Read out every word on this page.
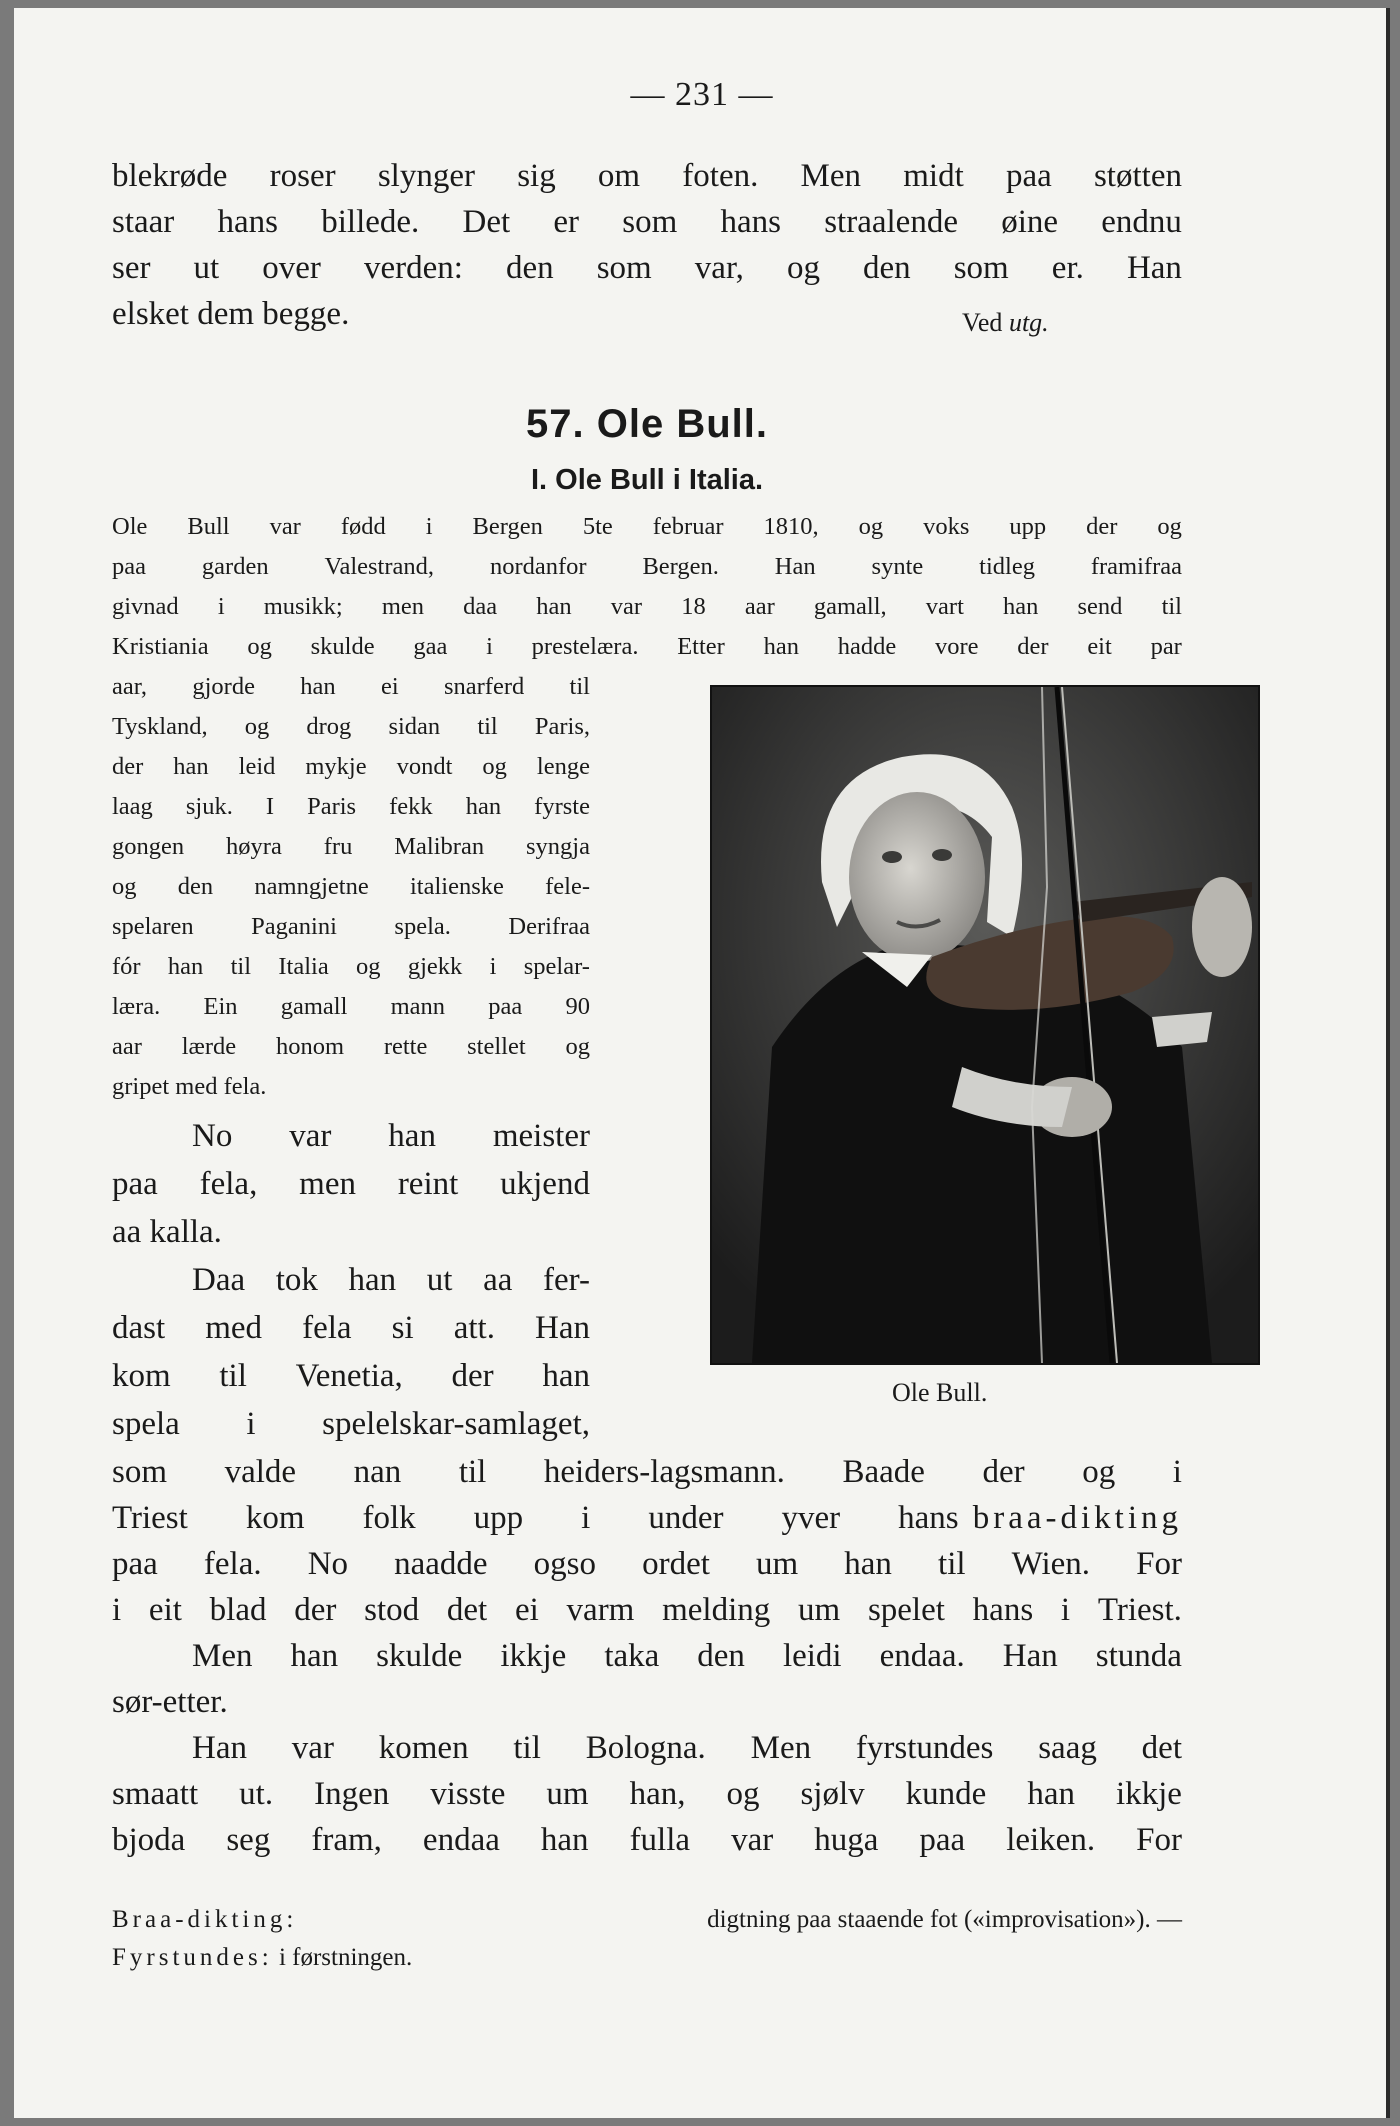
— 231 —
blekrøde roser slynger sig om foten. Men midt paa støtten
staar hans billede. Det er som hans straalende øine endnu
ser ut over verden: den som var, og den som er. Han
elsket dem begge.	Ved utg.
57. Ole Bull.
I. Ole Bull i Italia.
Ole Bull var fødd i Bergen 5te februar 1810, og voks upp der og
paa garden Valestrand, nordanfor Bergen. Han synte tidleg framifraa
givnad i musikk; men daa han var 18 aar gamall, vart han send til
Kristiania og skulde gaa i prestelæra. Etter han hadde vore der eit par
aar, gjorde han ei snarferd til
Tyskland, og drog sidan til Paris,
der han leid mykje vondt og lenge
laag sjuk. I Paris fekk han fyrste
gongen høyra fru Malibran syngja
og den namngjetne italienske fele-
spelaren Paganini spela. Derifraa
fór han til Italia og gjekk i spelar-
læra. Ein gamall mann paa 90
aar lærde honom rette stellet og
gripet med fela.
No var han meister
paa fela, men reint ukjend
aa kalla.
Daa tok han ut aa fer-
dast med fela si att. Han
kom til Venetia, der han
spela i spelelskar-samlaget,
Ole Bull.
som valde nan til heiders-lagsmann. Baade der og i
Triest kom folk upp i under yver hans braa-dikting
paa fela. No naadde ogso ordet um han til Wien. For
i eit blad der stod det ei varm melding um spelet hans i Triest.
Men han skulde ikkje taka den leidi endaa. Han stunda
sør-etter.
Han var komen til Bologna. Men fyrstundes saag det
smaatt ut. Ingen visste um han, og sjølv kunde han ikkje
bjoda seg fram, endaa han fulla var huga paa leiken. For
Braa-dikting:	digtning paa staaende fot («improvisation»). —
Fyrstundes: i førstningen.
